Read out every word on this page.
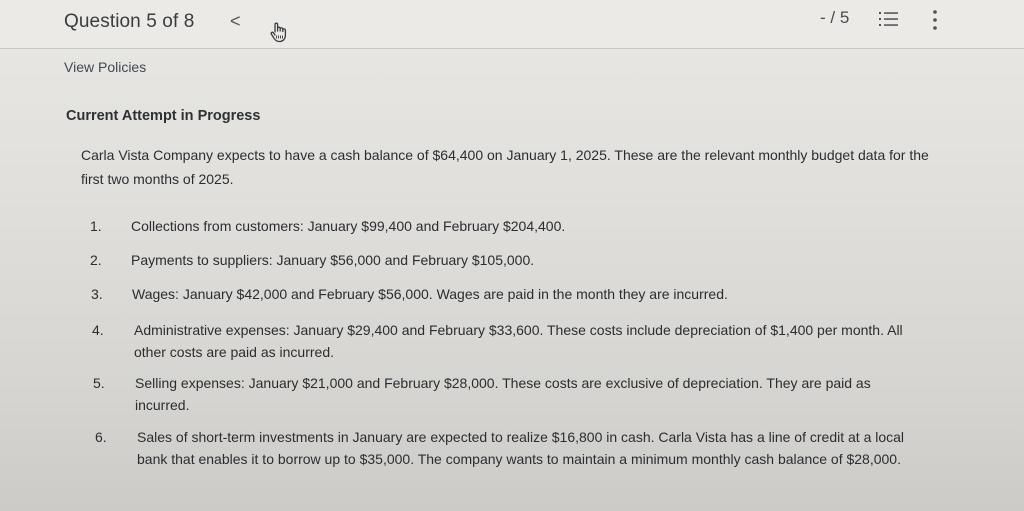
Question 5 of 8 <	- / 5
View Policies
Current Attempt in Progress
Carla Vista Company expects to have a cash balance of $64,400 on January 1, 2025. These are the relevant monthly budget data for the first two months of 2025.
1.	Collections from customers: January $99,400 and February $204,400.
2.	Payments to suppliers: January $56,000 and February $105,000.
3.	Wages: January $42,000 and February $56,000. Wages are paid in the month they are incurred.
4.	Administrative expenses: January $29,400 and February $33,600. These costs include depreciation of $1,400 per month. All other costs are paid as incurred.
5.	Selling expenses: January $21,000 and February $28,000. These costs are exclusive of depreciation. They are paid as incurred.
6.	Sales of short-term investments in January are expected to realize $16,800 in cash. Carla Vista has a line of credit at a local bank that enables it to borrow up to $35,000. The company wants to maintain a minimum monthly cash balance of $28,000.
